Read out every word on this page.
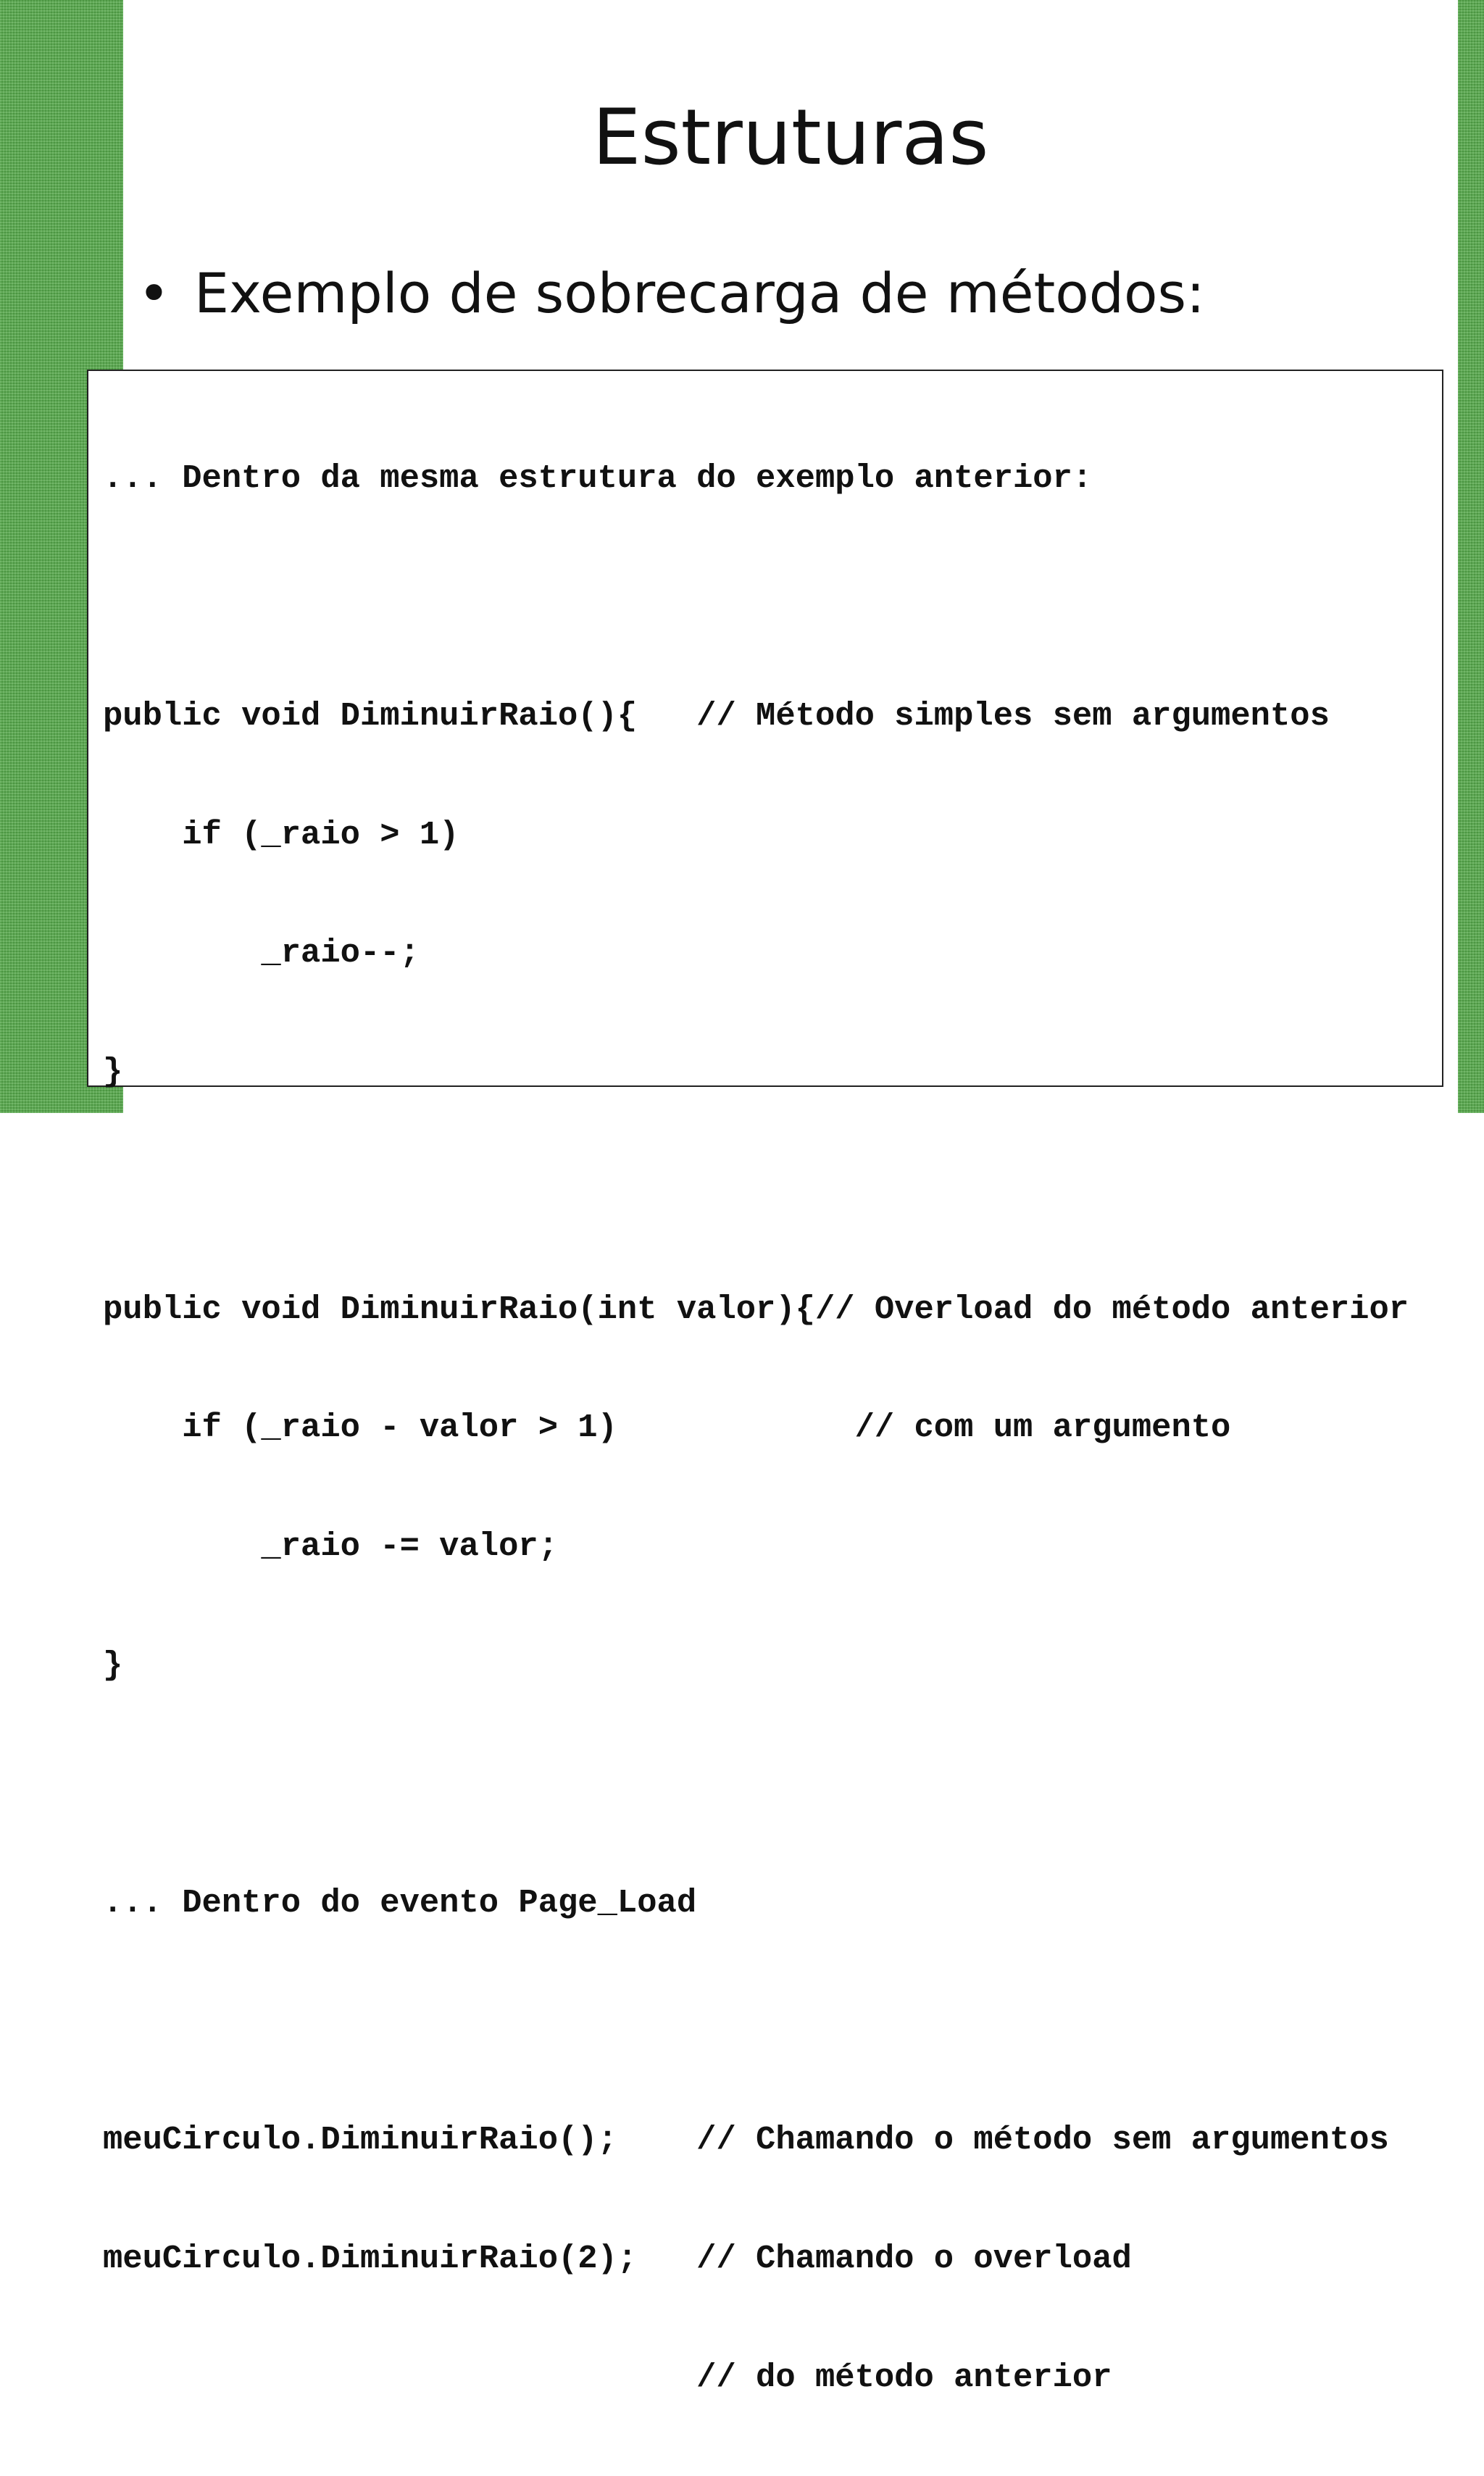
Estruturas
• Exemplo de sobrecarga de métodos:

... Dentro da mesma estrutura do exemplo anterior:

public void DiminuirRaio(){   // Método simples sem argumentos

if (_raio > 1)

_raio--;

}

public void DiminuirRaio(int valor){// Overload do método anterior

if (_raio - valor > 1)            // com um argumento

_raio -= valor;

}

... Dentro do evento Page_Load

meuCirculo.DiminuirRaio();    // Chamando o método sem argumentos

meuCirculo.DiminuirRaio(2);   // Chamando o overload

// do método anterior
